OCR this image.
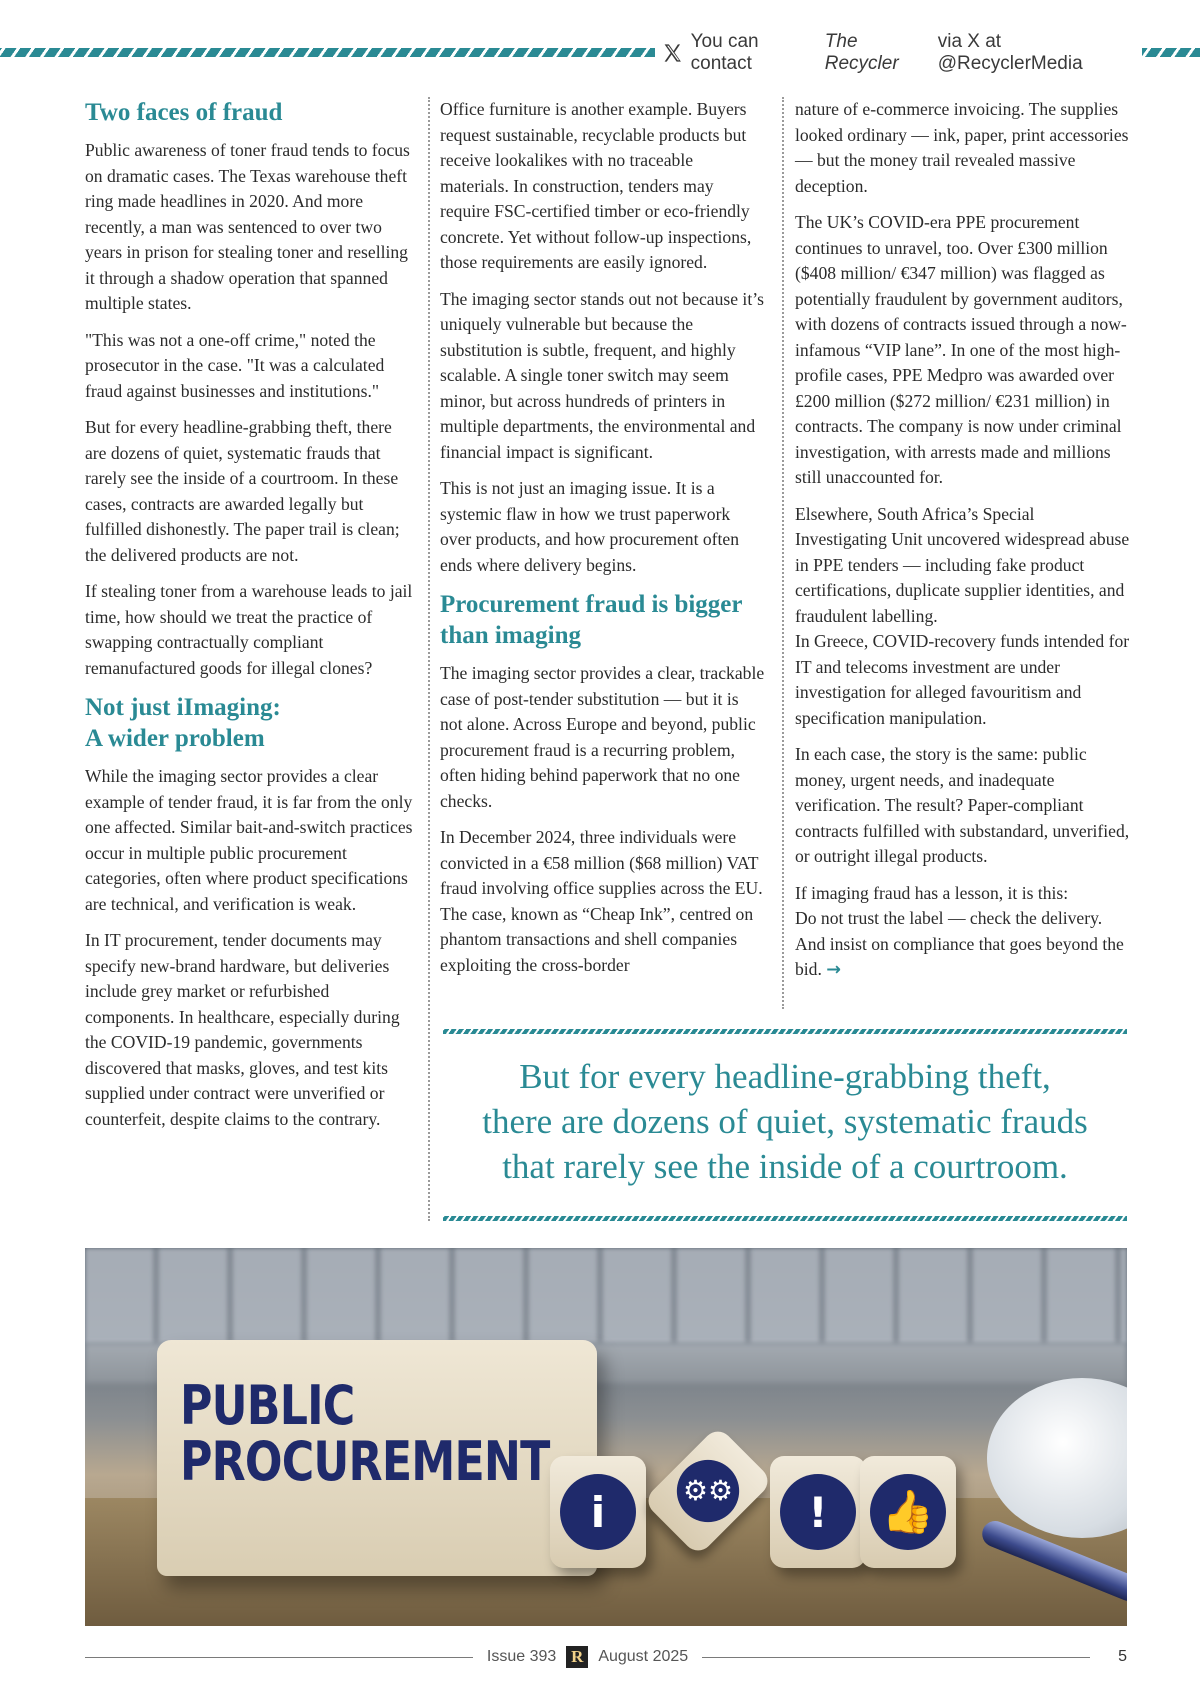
You can contact
The Recycler
via X at @RecyclerMedia
Two faces of fraud

Public awareness of toner fraud tends to focus on dramatic cases. The Texas warehouse theft ring made headlines in 2020. And more recently, a man was sentenced to over two years in prison for stealing toner and reselling it through a shadow operation that spanned multiple states.

"This was not a one-off crime," noted the prosecutor in the case. "It was a calculated fraud against businesses and institutions."

But for every headline-grabbing theft, there are dozens of quiet, systematic frauds that rarely see the inside of a courtroom. In these cases, contracts are awarded legally but fulfilled dishonestly. The paper trail is clean; the delivered products are not.

If stealing toner from a warehouse leads to jail time, how should we treat the practice of swapping contractually compliant remanufactured goods for illegal clones?

Not just iImaging:
A wider problem

While the imaging sector provides a clear example of tender fraud, it is far from the only one affected. Similar bait-and-switch practices occur in multiple public procurement categories, often where product specifications are technical, and verification is weak.

In IT procurement, tender documents may specify new-brand hardware, but deliveries include grey market or refurbished components. In healthcare, especially during the COVID-19 pandemic, governments discovered that masks, gloves, and test kits supplied under contract were unverified or counterfeit, despite claims to the contrary.

Office furniture is another example. Buyers request sustainable, recyclable products but receive lookalikes with no traceable materials. In construction, tenders may require FSC-certified timber or eco-friendly concrete. Yet without follow-up inspections, those requirements are easily ignored.

The imaging sector stands out not because it’s uniquely vulnerable but because the substitution is subtle, frequent, and highly scalable. A single toner switch may seem minor, but across hundreds of printers in multiple departments, the environmental and financial impact is significant.

This is not just an imaging issue. It is a systemic flaw in how we trust paperwork over products, and how procurement often ends where delivery begins.

Procurement fraud is bigger than imaging

The imaging sector provides a clear, trackable case of post-tender substitution — but it is not alone. Across Europe and beyond, public procurement fraud is a recurring problem, often hiding behind paperwork that no one checks.

In December 2024, three individuals were convicted in a €58 million ($68 million) VAT fraud involving office supplies across the EU. The case, known as “Cheap Ink”, centred on phantom transactions and shell companies exploiting the cross-border

nature of e-commerce invoicing. The supplies looked ordinary — ink, paper, print accessories — but the money trail revealed massive deception.

The UK’s COVID-era PPE procurement continues to unravel, too. Over £300 million ($408 million/ €347 million) was flagged as potentially fraudulent by government auditors, with dozens of contracts issued through a now-infamous “VIP lane”. In one of the most high-profile cases, PPE Medpro was awarded over £200 million ($272 million/ €231 million) in contracts. The company is now under criminal investigation, with arrests made and millions still unaccounted for.

Elsewhere, South Africa’s Special Investigating Unit uncovered widespread abuse in PPE tenders — including fake product certifications, duplicate supplier identities, and fraudulent labelling.
In Greece, COVID-recovery funds intended for IT and telecoms investment are under investigation for alleged favouritism and specification manipulation.

In each case, the story is the same: public money, urgent needs, and inadequate verification. The result? Paper-compliant contracts fulfilled with substandard, unverified, or outright illegal products.

If imaging fraud has a lesson, it is this:
Do not trust the label — check the delivery. And insist on compliance that goes beyond the bid. →

But for every headline-grabbing theft,
there are dozens of quiet, systematic frauds
that rarely see the inside of a courtroom.
PUBLIC
PROCUREMENT
i	⚙⚙	!	👍
Issue 393 R August 2025	5
